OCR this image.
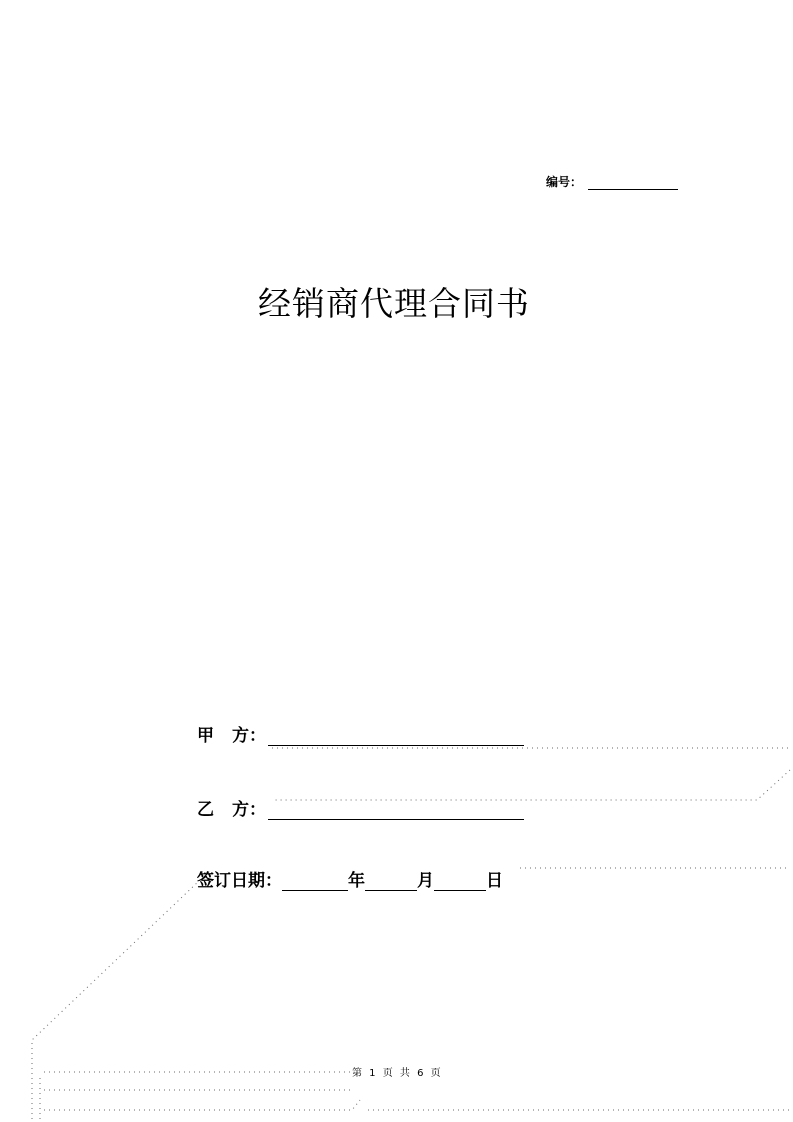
编号：
经销商代理合同书
甲 方：
乙 方：
签订日期：	年	月	日
第 1 页 共 6 页
